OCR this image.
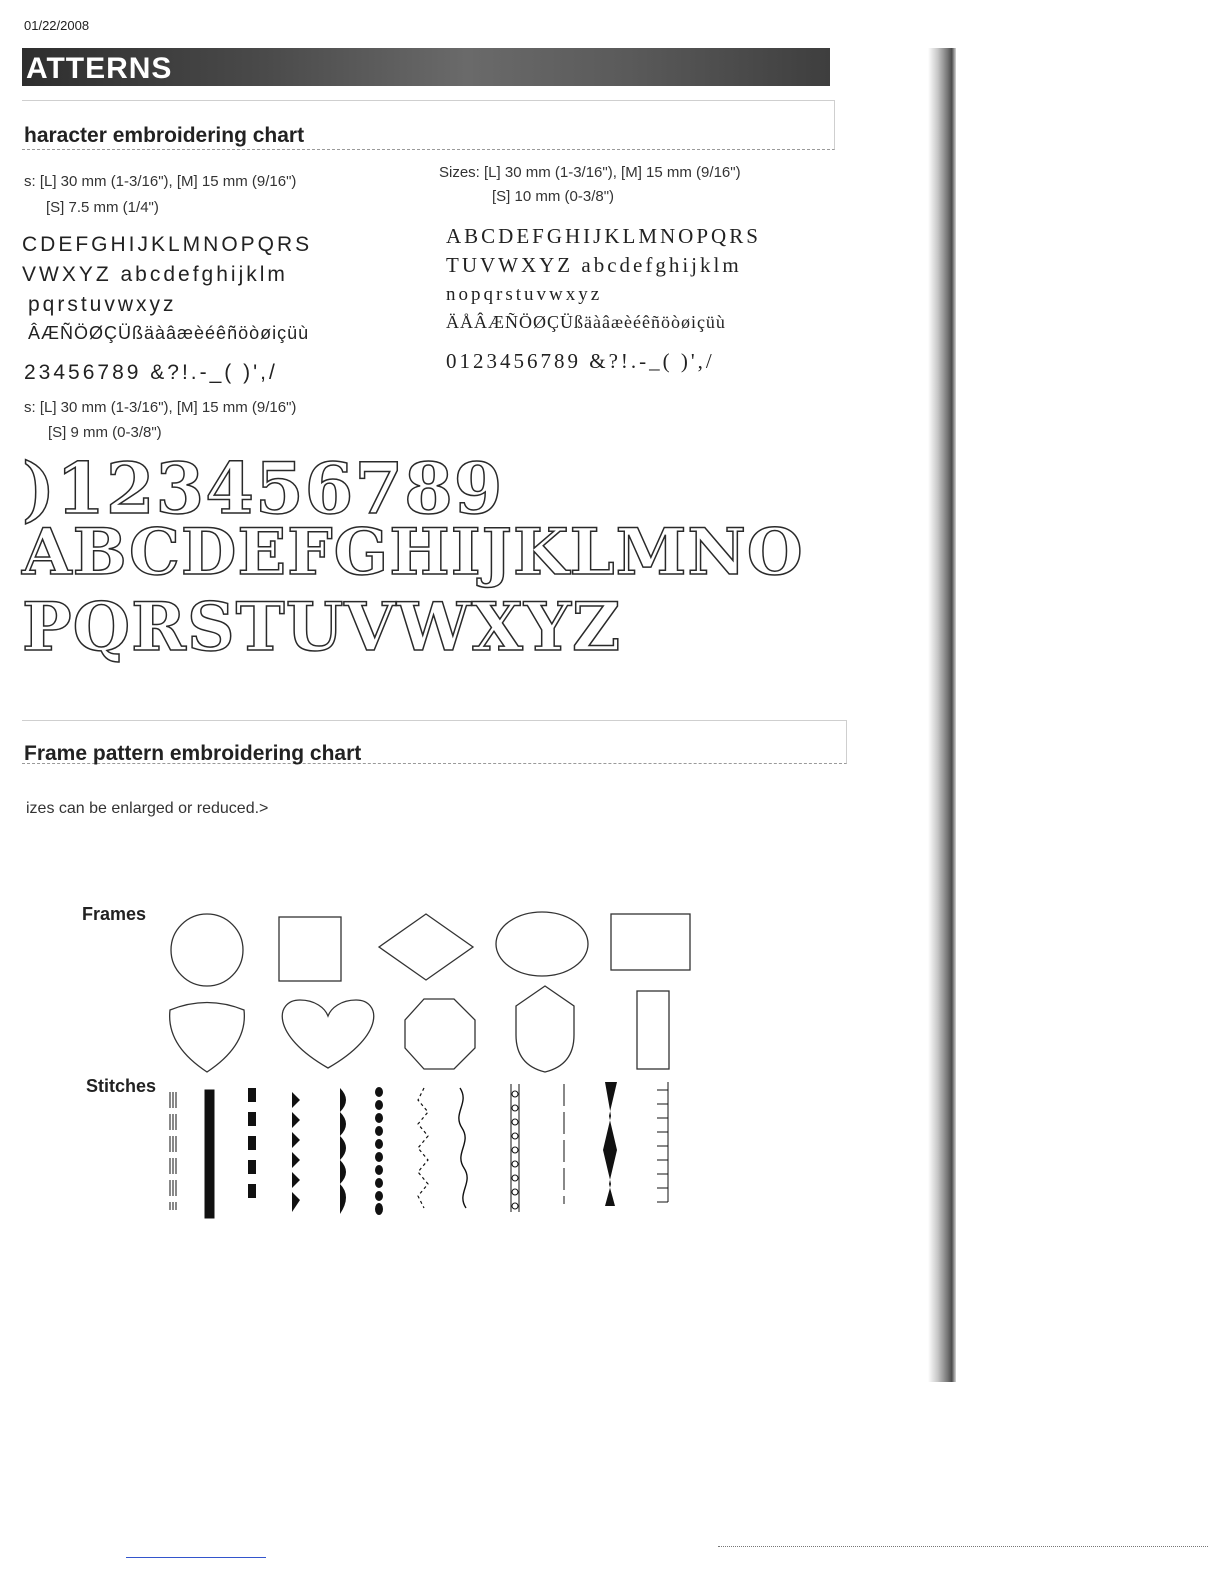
01/22/2008
ATTERNS
haracter embroidering chart
s: [L] 30 mm (1-3/16"), [M] 15 mm (9/16")
[S] 7.5 mm (1/4")
CDEFGHIJKLMNOPQRS
VWXYZ abcdefghijklm
pqrstuvwxyz
ÂÆÑÖØÇÜßäàâæèéêñöòøiçüù
23456789 &?!.-_( )',/
Sizes: [L] 30 mm (1-3/16"), [M] 15 mm (9/16")
[S] 10 mm (0-3/8")
ABCDEFGHIJKLMNOPQRS
TUVWXYZ abcdefghijklm
nopqrstuvwxyz
ÄÅÂÆÑÖØÇÜßäàâæèéêñöòøiçüù
0123456789 &?!.-_( )',/
s: [L] 30 mm (1-3/16"), [M] 15 mm (9/16")
[S] 9 mm (0-3/8")
)123456789
ABCDEFGHIJKLMNO
PQRSTUVWXYZ
Frame pattern embroidering chart
izes can be enlarged or reduced.>
Frames
Stitches
